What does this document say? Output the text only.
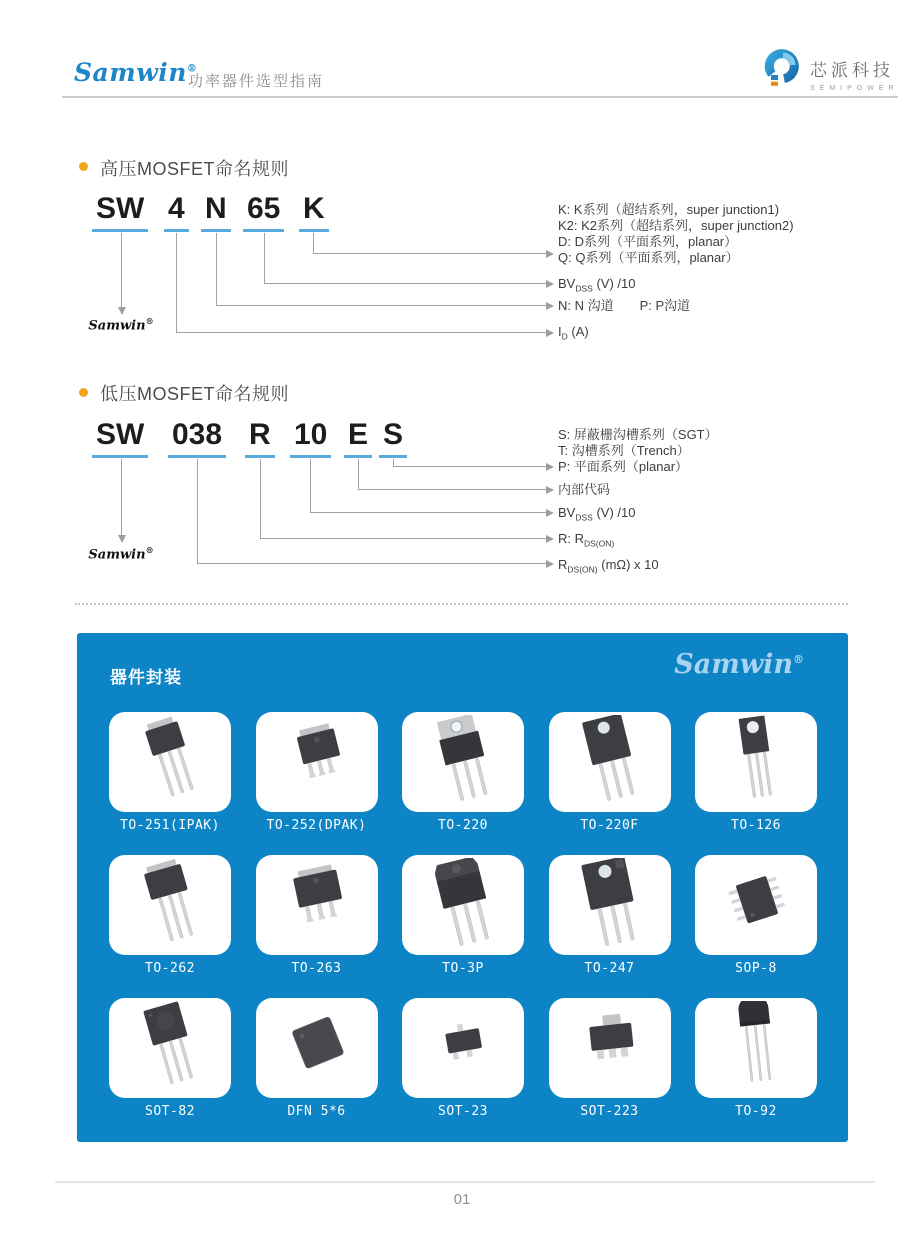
Samwin®
功率器件选型指南
芯派科技
SEMIPOWER
高压MOSFET命名规则
低压MOSFET命名规则
SW 4 N 65 K
Samwin®
K: K系列（超结系列，super junction1)
K2: K2系列（超结系列，super junction2)
D: D系列（平面系列，planar）
Q: Q系列（平面系列，planar）
$BV_{DSS}$ (V) /10
N: N 沟道　　P: P沟道
$I_D$ (A)
SW 038 R 10 E S
Samwin®
S: 屏蔽栅沟槽系列（SGT）
T: 沟槽系列（Trench）
P: 平面系列（planar）
内部代码
$BV_{DSS}$ (V) /10
R: $R_{DS(ON)}$
$R_{DS(ON)}$ (mΩ) x 10
器件封装	Samwin®
TO-251(IPAK)	TO-252(DPAK)	TO-220	TO-220F	TO-126
TO-262	TO-263	TO-3P	TO-247	SOP-8
SOT-82	DFN 5*6	SOT-23	SOT-223	TO-92
01
